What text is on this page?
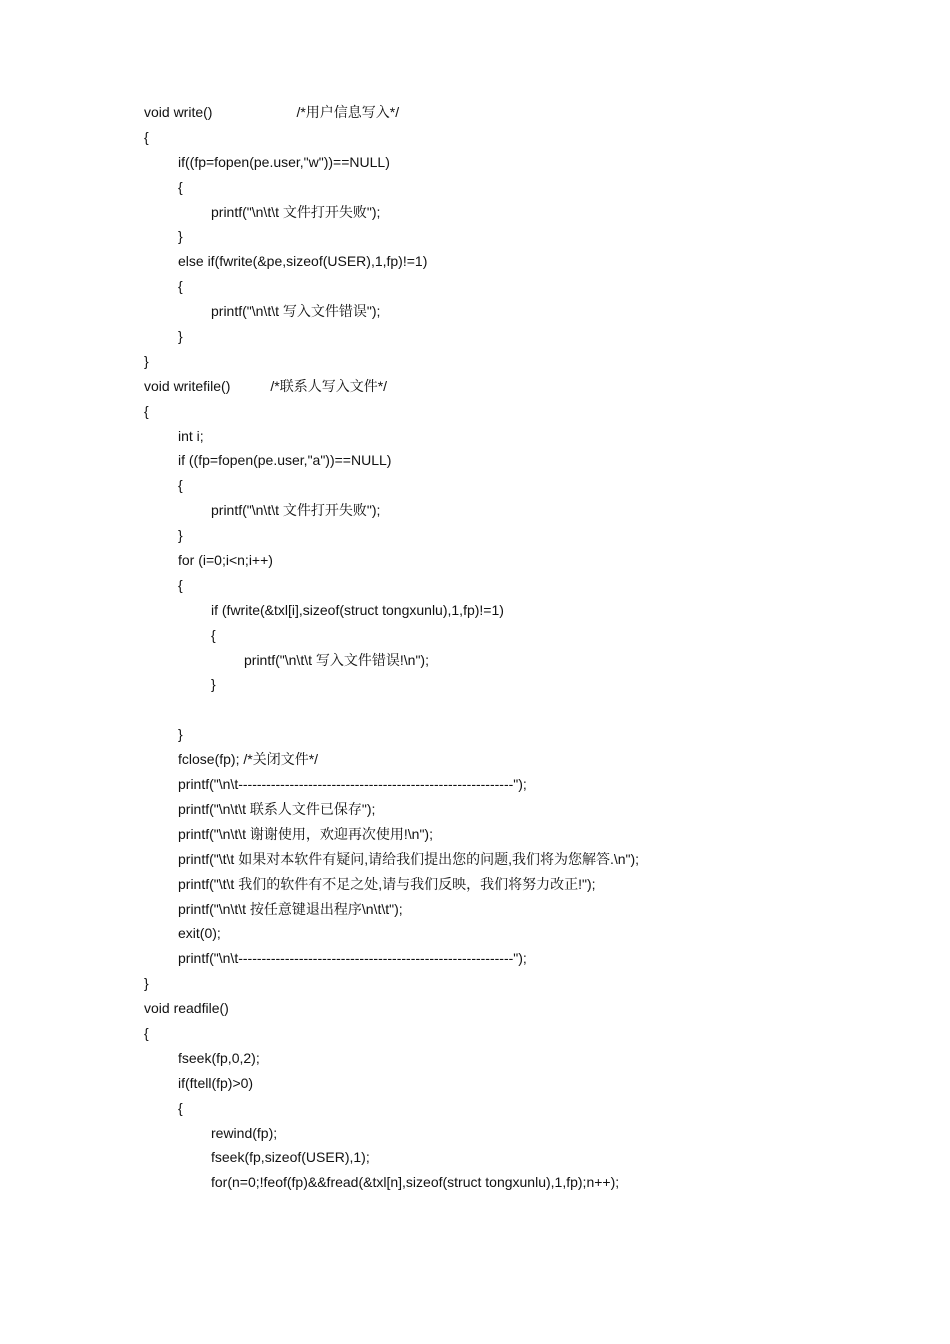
void write()	/*用户信息写入*/
{
if((fp=fopen(pe.user,"w"))==NULL)
{
printf("\n\t\t 文件打开失败");
}
else if(fwrite(&pe,sizeof(USER),1,fp)!=1)
{
printf("\n\t\t 写入文件错误");
}
}
void writefile()	/*联系人写入文件*/
{
int i;
if ((fp=fopen(pe.user,"a"))==NULL)
{
printf("\n\t\t 文件打开失败");
}
for (i=0;i<n;i++)
{
if (fwrite(&txl[i],sizeof(struct tongxunlu),1,fp)!=1)
{
printf("\n\t\t 写入文件错误!\n");
}
}
fclose(fp); /*关闭文件*/
printf("\n\t-----------------------------------------------------------");
printf("\n\t\t 联系人文件已保存");
printf("\n\t\t 谢谢使用，欢迎再次使用!\n");
printf("\t\t 如果对本软件有疑问,请给我们提出您的问题,我们将为您解答.\n");
printf("\t\t 我们的软件有不足之处,请与我们反映，我们将努力改正!");
printf("\n\t\t 按任意键退出程序\n\t\t");
exit(0);
printf("\n\t-----------------------------------------------------------");
}
void readfile()
{
fseek(fp,0,2);
if(ftell(fp)>0)
{
rewind(fp);
fseek(fp,sizeof(USER),1);
for(n=0;!feof(fp)&&fread(&txl[n],sizeof(struct tongxunlu),1,fp);n++);
